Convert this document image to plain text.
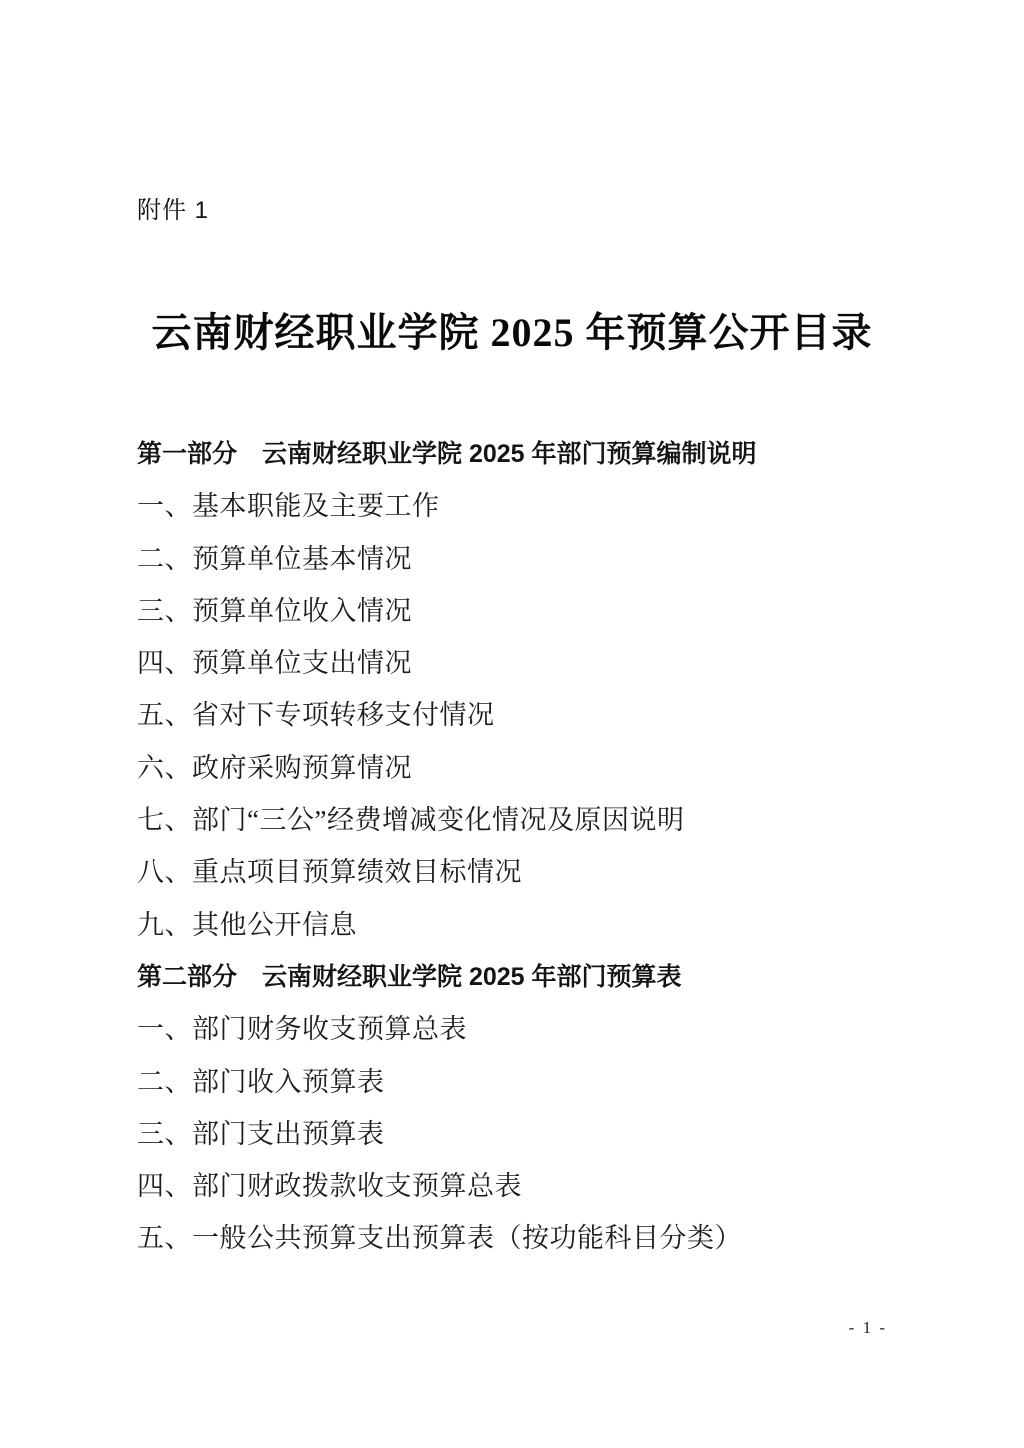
附件 1
云南财经职业学院 2025 年预算公开目录
第一部分　云南财经职业学院 2025 年部门预算编制说明
一、基本职能及主要工作
二、预算单位基本情况
三、预算单位收入情况
四、预算单位支出情况
五、省对下专项转移支付情况
六、政府采购预算情况
七、部门“三公”经费增减变化情况及原因说明
八、重点项目预算绩效目标情况
九、其他公开信息
第二部分　云南财经职业学院 2025 年部门预算表
一、部门财务收支预算总表
二、部门收入预算表
三、部门支出预算表
四、部门财政拨款收支预算总表
五、一般公共预算支出预算表（按功能科目分类）
- 1 -
